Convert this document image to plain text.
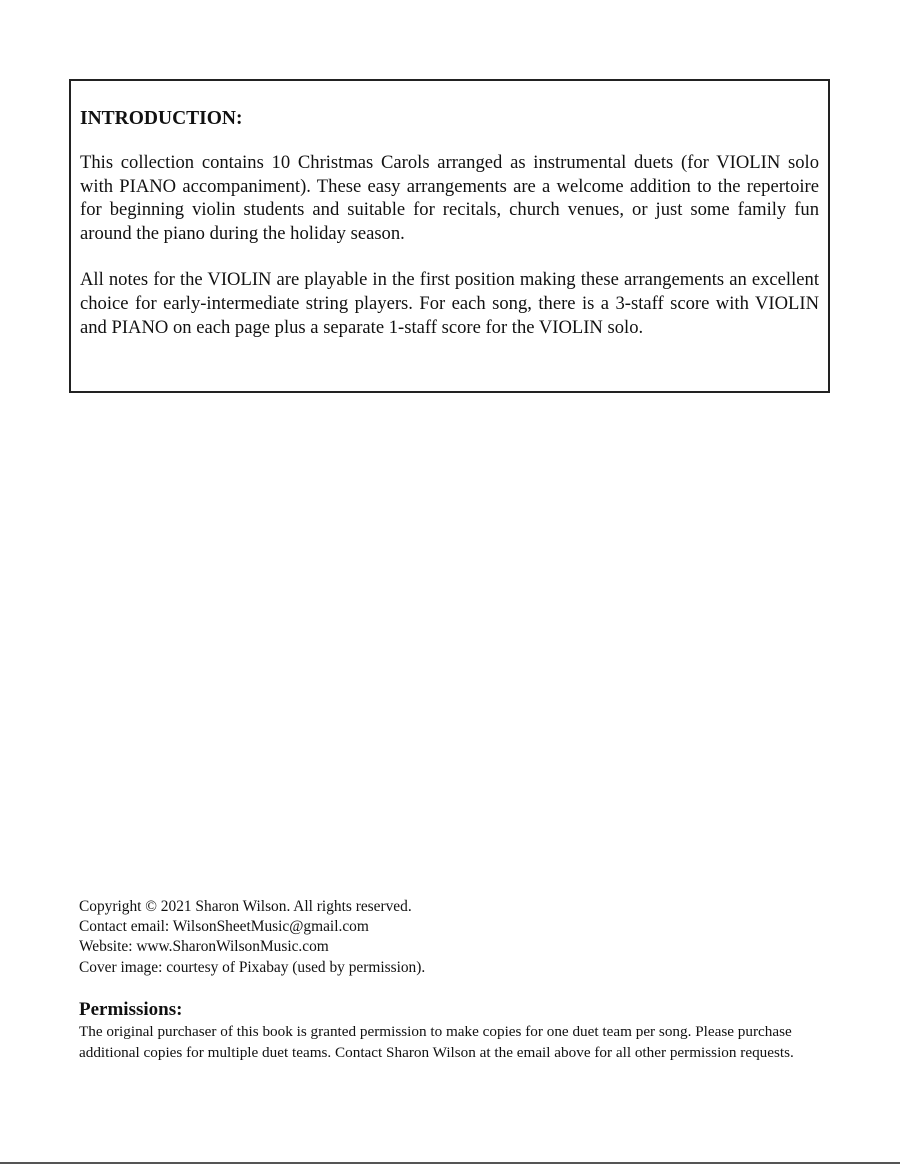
INTRODUCTION:

This collection contains 10 Christmas Carols arranged as instrumental duets (for VIOLIN solo with PIANO accompaniment). These easy arrangements are a welcome addition to the repertoire for beginning violin students and suitable for recitals, church venues, or just some family fun around the piano during the holiday season.

All notes for the VIOLIN are playable in the first position making these arrangements an excellent choice for early-intermediate string players. For each song, there is a 3-staff score with VIOLIN and PIANO on each page plus a separate 1-staff score for the VIOLIN solo.

Copyright © 2021 Sharon Wilson. All rights reserved.
Contact email: WilsonSheetMusic@gmail.com
Website: www.SharonWilsonMusic.com
Cover image: courtesy of Pixabay (used by permission).
Permissions:

The original purchaser of this book is granted permission to make copies for one duet team per song. Please purchase additional copies for multiple duet teams. Contact Sharon Wilson at the email above for all other permission requests.
